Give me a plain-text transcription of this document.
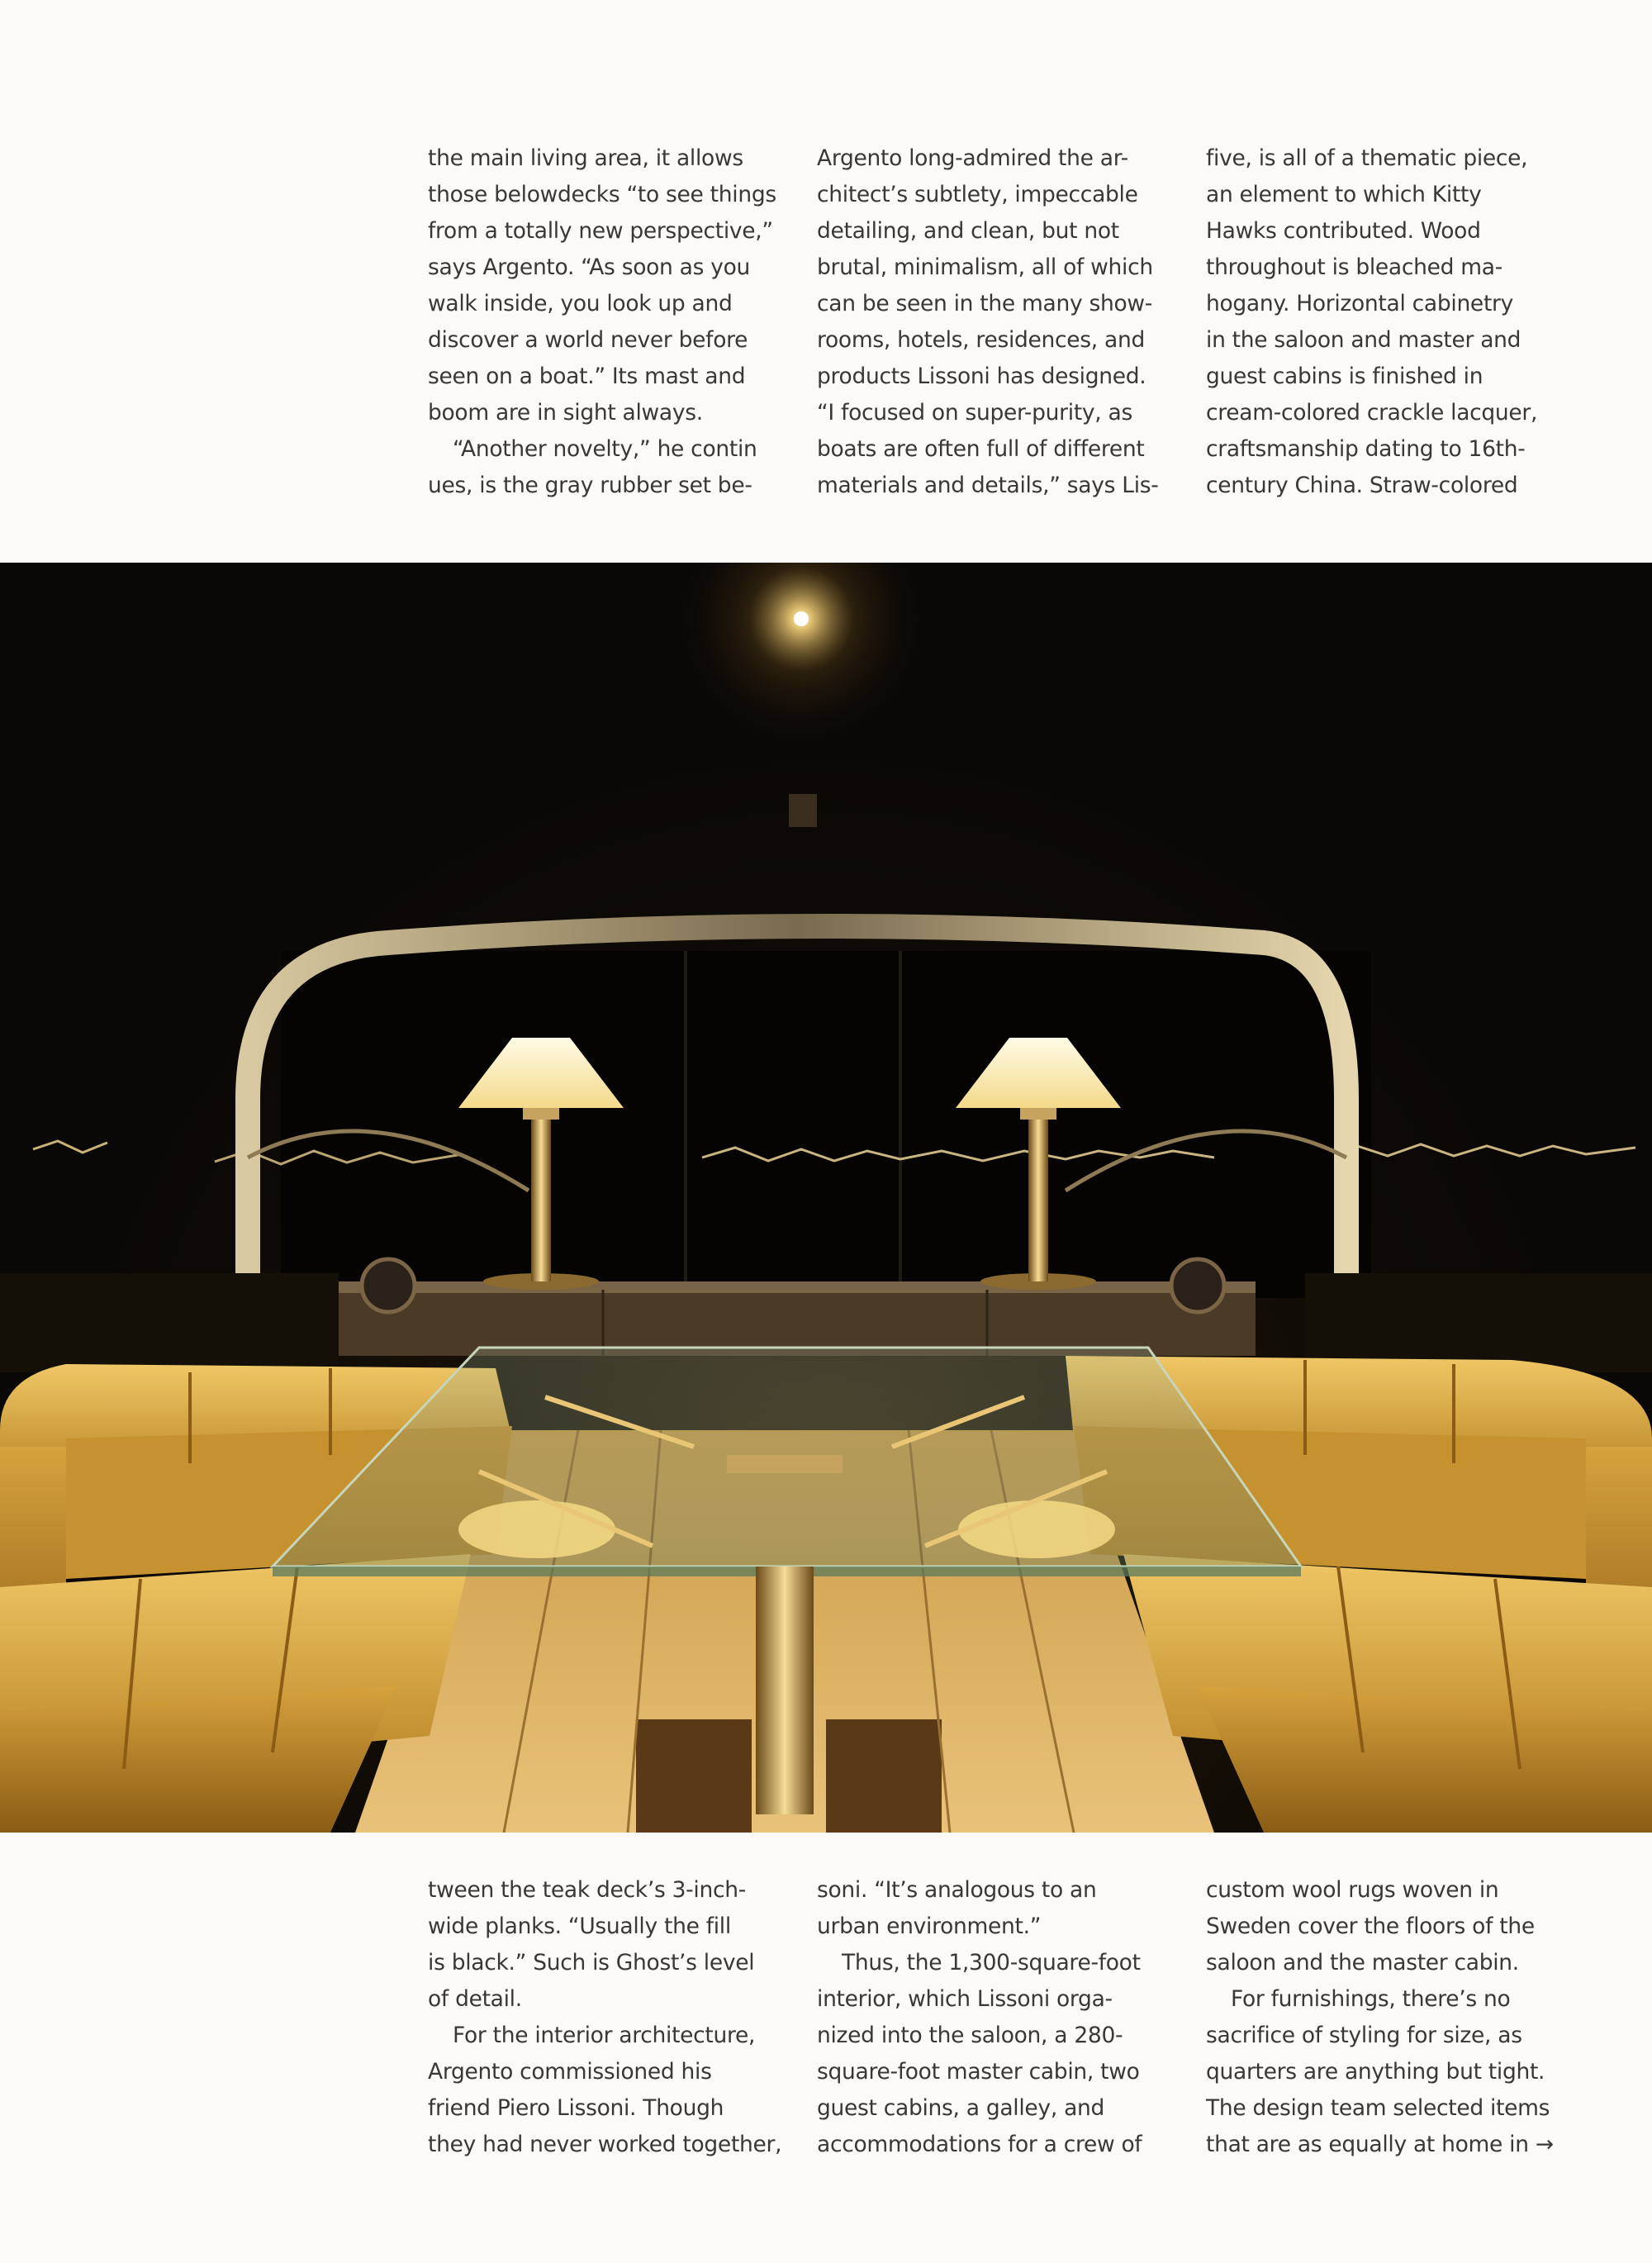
the main living area, it allows
those belowdecks “to see things
from a totally new perspective,”
says Argento. “As soon as you
walk inside, you look up and
discover a world never before
seen on a boat.” Its mast and
boom are in sight always.
“Another novelty,” he contin
ues, is the gray rubber set be-
Argento long-admired the ar-
chitect’s subtlety, impeccable
detailing, and clean, but not
brutal, minimalism, all of which
can be seen in the many show-
rooms, hotels, residences, and
products Lissoni has designed.
“I focused on super-purity, as
boats are often full of different
materials and details,” says Lis-
five, is all of a thematic piece,
an element to which Kitty
Hawks contributed. Wood
throughout is bleached ma-
hogany. Horizontal cabinetry
in the saloon and master and
guest cabins is finished in
cream-colored crackle lacquer,
craftsmanship dating to 16th-
century China. Straw-colored
tween the teak deck’s 3-inch-
wide planks. “Usually the fill
is black.” Such is Ghost’s level
of detail.
For the interior architecture,
Argento commissioned his
friend Piero Lissoni. Though
they had never worked together,
soni. “It’s analogous to an
urban environment.”
Thus, the 1,300-square-foot
interior, which Lissoni orga-
nized into the saloon, a 280-
square-foot master cabin, two
guest cabins, a galley, and
accommodations for a crew of
custom wool rugs woven in
Sweden cover the floors of the
saloon and the master cabin.
For furnishings, there’s no
sacrifice of styling for size, as
quarters are anything but tight.
The design team selected items
that are as equally at home in →
